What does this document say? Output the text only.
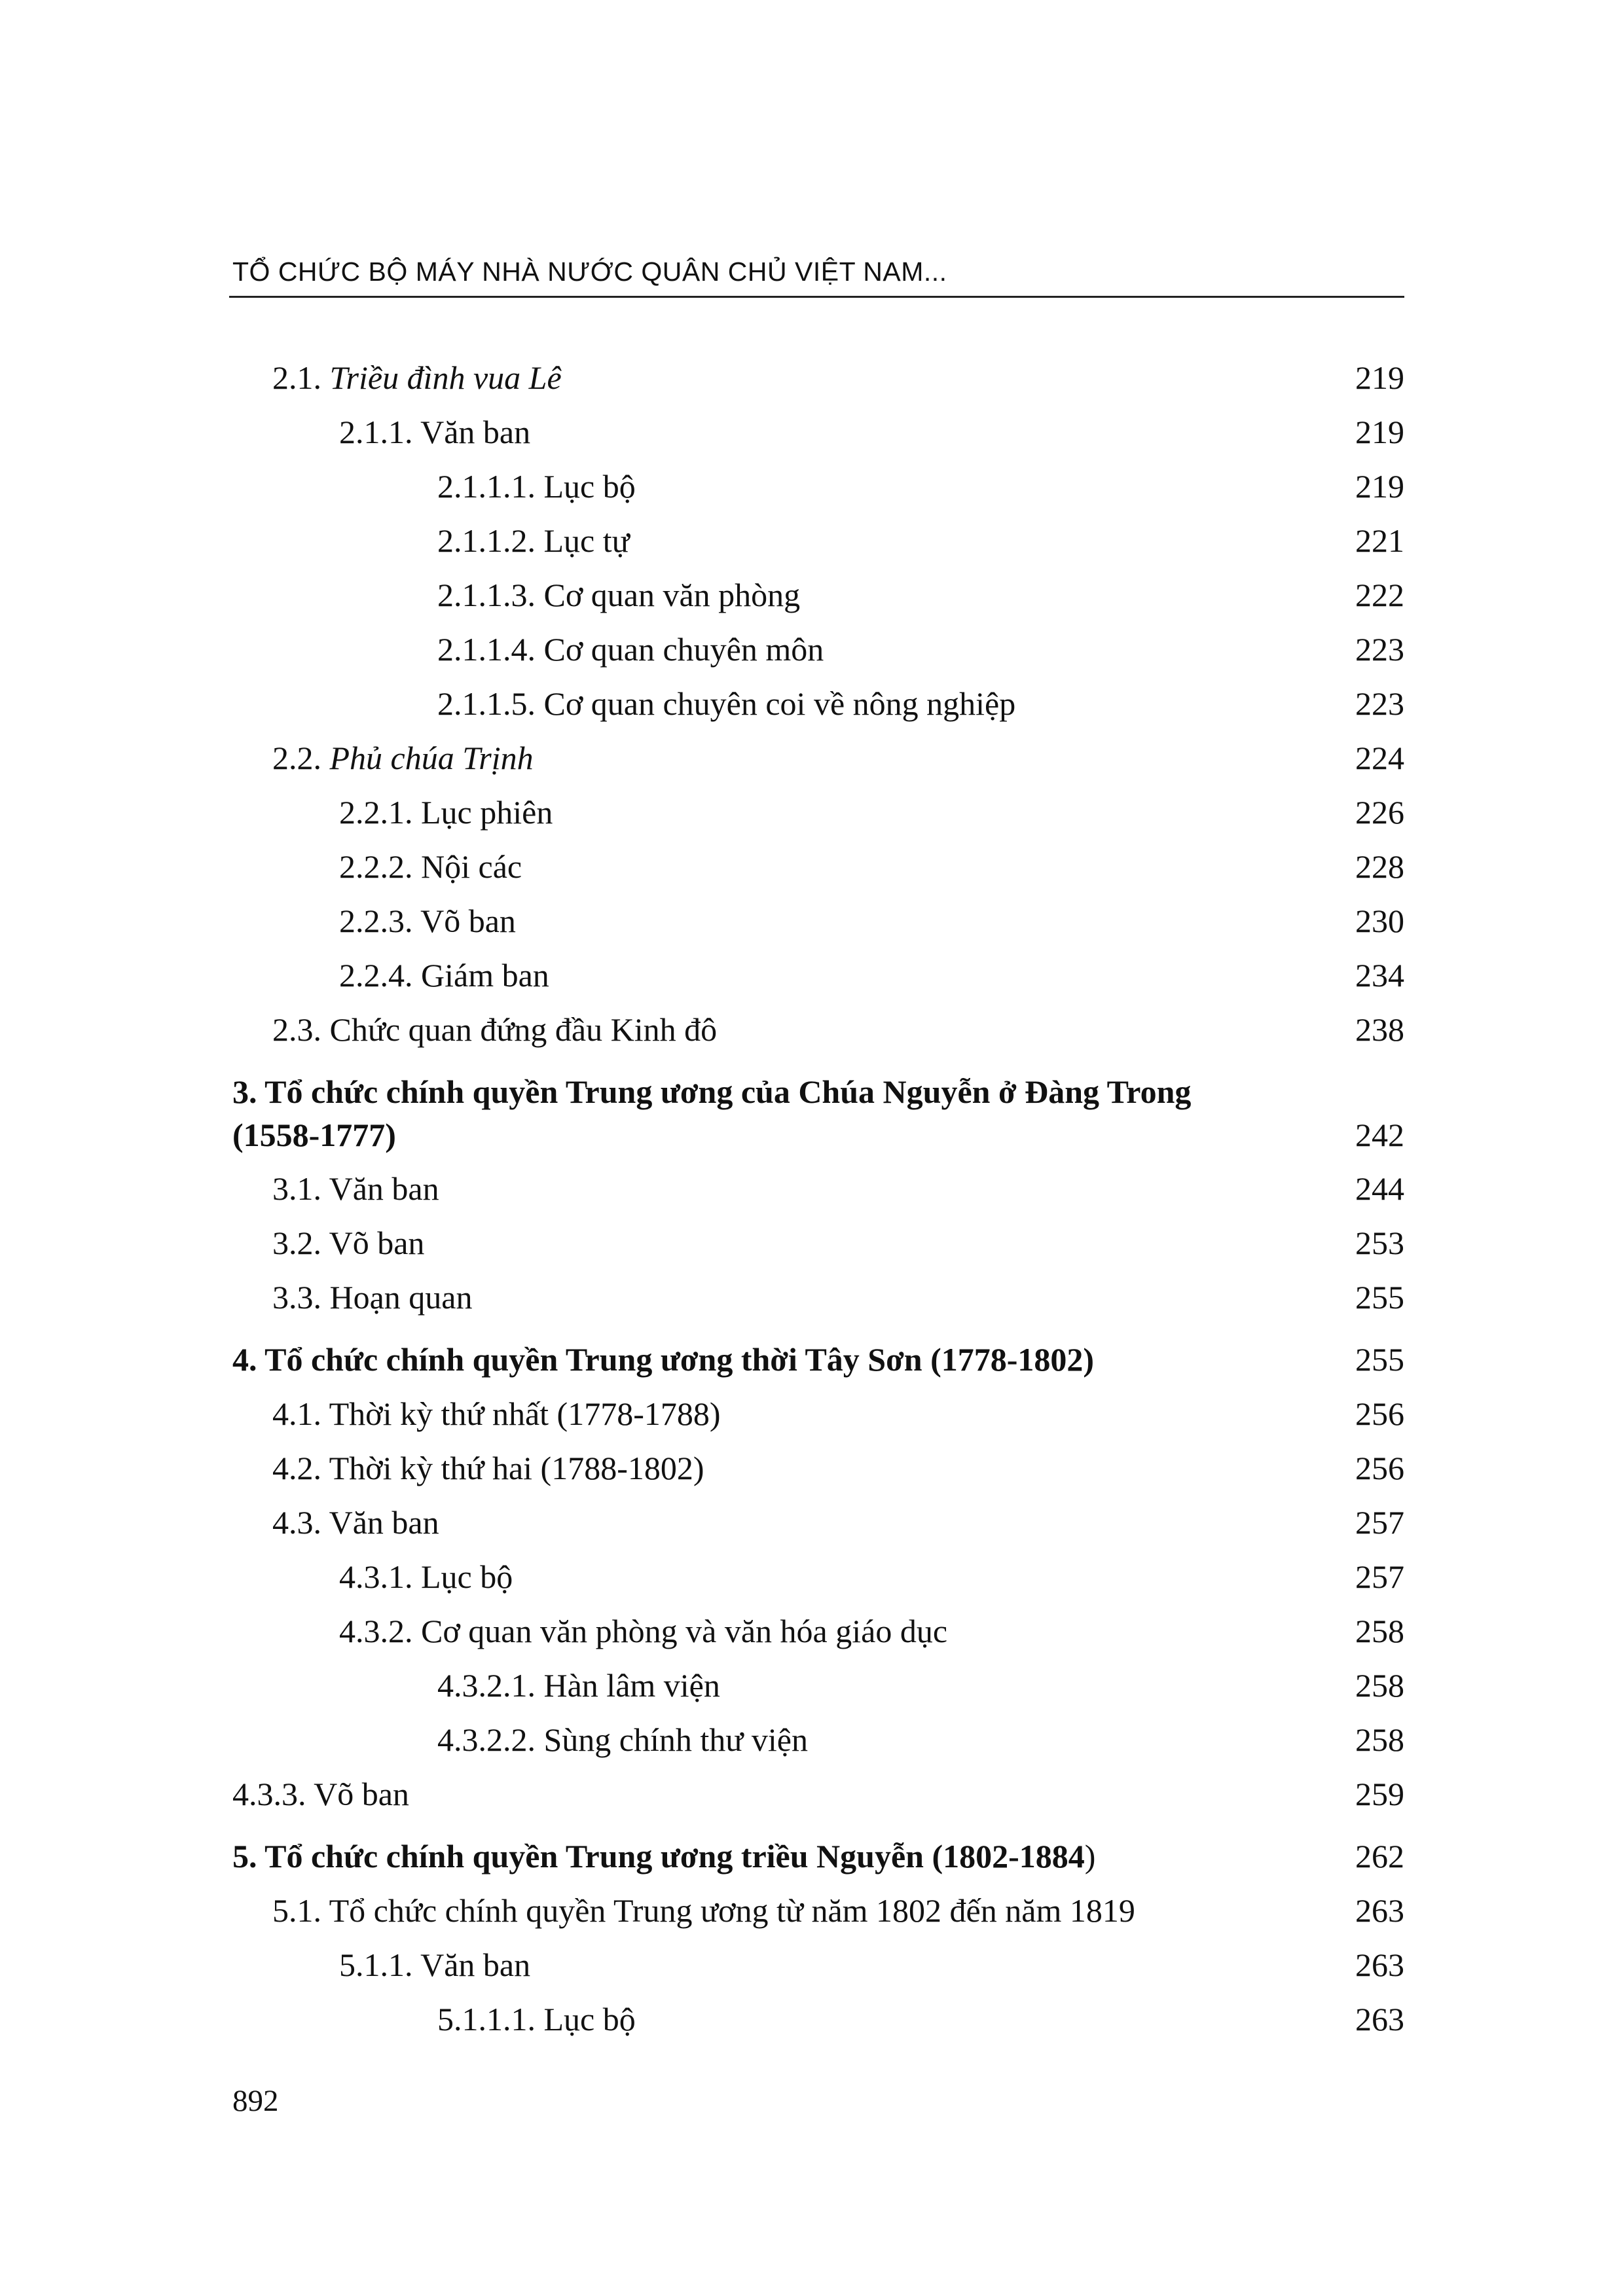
TỔ CHỨC BỘ MÁY NHÀ NƯỚC QUÂN CHỦ VIỆT NAM...
2.1. Triều đình vua Lê	219
2.1.1. Văn ban	219
2.1.1.1. Lục bộ	219
2.1.1.2. Lục tự	221
2.1.1.3. Cơ quan văn phòng	222
2.1.1.4. Cơ quan chuyên môn	223
2.1.1.5. Cơ quan chuyên coi về nông nghiệp	223
2.2. Phủ chúa Trịnh	224
2.2.1. Lục phiên	226
2.2.2. Nội các	228
2.2.3. Võ ban	230
2.2.4. Giám ban	234
2.3. Chức quan đứng đầu Kinh đô	238
3. Tổ chức chính quyền Trung ương của Chúa Nguyễn ở Đàng Trong
(1558-1777)	242
3.1. Văn ban	244
3.2. Võ ban	253
3.3. Hoạn quan	255
4. Tổ chức chính quyền Trung ương thời Tây Sơn (1778-1802)	255
4.1. Thời kỳ thứ nhất (1778-1788)	256
4.2. Thời kỳ thứ hai (1788-1802)	256
4.3. Văn ban	257
4.3.1. Lục bộ	257
4.3.2. Cơ quan văn phòng và văn hóa giáo dục	258
4.3.2.1. Hàn lâm viện	258
4.3.2.2. Sùng chính thư viện	258
4.3.3. Võ ban	259
5. Tổ chức chính quyền Trung ương triều Nguyễn (1802-1884)	262
5.1. Tổ chức chính quyền Trung ương từ năm 1802 đến năm 1819	263
5.1.1. Văn ban	263
5.1.1.1. Lục bộ	263
892
